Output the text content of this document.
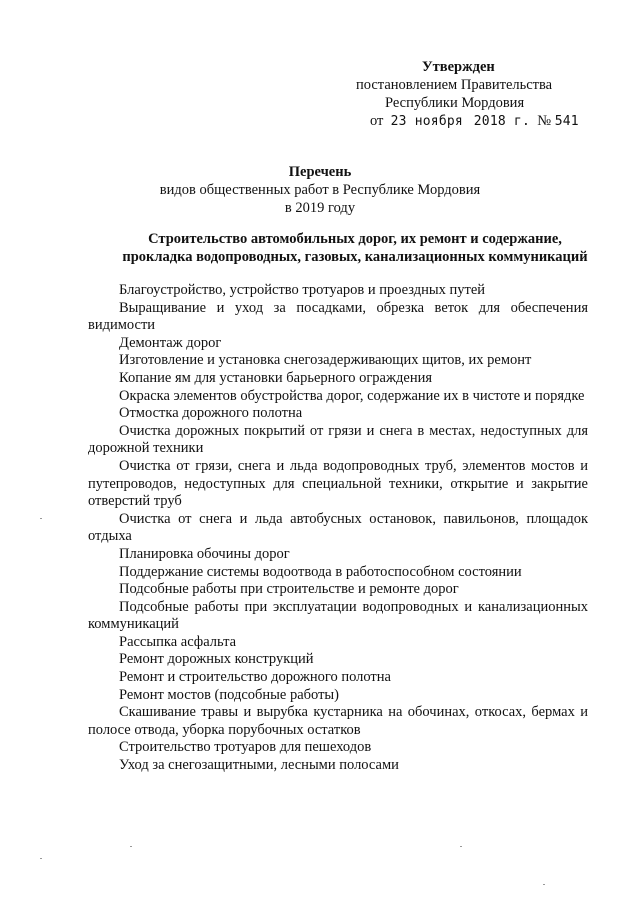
Утвержден
постановлением Правительства
Республики Мордовия
от 23 ноября 2018 г. № 541
Перечень
видов общественных работ в Республике Мордовия
в 2019 году
Строительство автомобильных дорог, их ремонт и содержание,
прокладка водопроводных, газовых, канализационных коммуникаций

Благоустройство, устройство тротуаров и проездных путей

Выращивание и уход за посадками, обрезка веток для обеспечения видимости

Демонтаж дорог

Изготовление и установка снегозадерживающих щитов, их ремонт

Копание ям для установки барьерного ограждения

Окраска элементов обустройства дорог, содержание их в чистоте и порядке

Отмостка дорожного полотна

Очистка дорожных покрытий от грязи и снега в местах, недоступных для дорожной техники

Очистка от грязи, снега и льда водопроводных труб, элементов мостов и путепроводов, недоступных для специальной техники, открытие и закрытие отверстий труб

Очистка от снега и льда автобусных остановок, павильонов, площадок отдыха

Планировка обочины дорог

Поддержание системы водоотвода в работоспособном состоянии

Подсобные работы при строительстве и ремонте дорог

Подсобные работы при эксплуатации водопроводных и канализационных коммуникаций

Рассыпка асфальта

Ремонт дорожных конструкций

Ремонт и строительство дорожного полотна

Ремонт мостов (подсобные работы)

Скашивание травы и вырубка кустарника на обочинах, откосах, бермах и полосе отвода, уборка порубочных остатков

Строительство тротуаров для пешеходов

Уход за снегозащитными, лесными полосами
